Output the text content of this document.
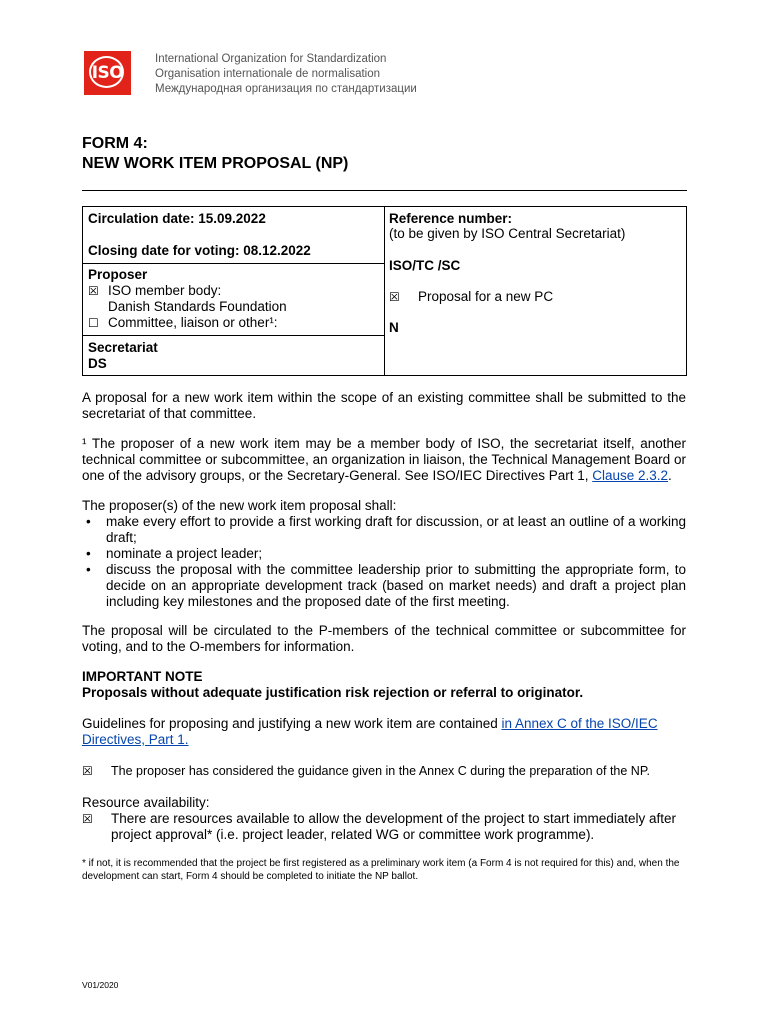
ISO
International Organization for Standardization
Organisation internationale de normalisation
Международная организация по стандартизации
FORM 4:
NEW WORK ITEM PROPOSAL (NP)
Circulation date: 15.09.2022
Closing date for voting: 08.12.2022
Proposer
☒ ISO member body:
Danish Standards Foundation
☐ Committee, liaison or other¹:
Secretariat
DS
Reference number:
(to be given by ISO Central Secretariat)
ISO/TC /SC
☒ Proposal for a new PC
N
A proposal for a new work item within the scope of an existing committee shall be submitted to the secretariat of that committee.
¹ The proposer of a new work item may be a member body of ISO, the secretariat itself, another technical committee or subcommittee, an organization in liaison, the Technical Management Board or one of the advisory groups, or the Secretary-General. See ISO/IEC Directives Part 1, Clause 2.3.2.
The proposer(s) of the new work item proposal shall:
• make every effort to provide a first working draft for discussion, or at least an outline of a working draft;
• nominate a project leader;
• discuss the proposal with the committee leadership prior to submitting the appropriate form, to decide on an appropriate development track (based on market needs) and draft a project plan including key milestones and the proposed date of the first meeting.
The proposal will be circulated to the P-members of the technical committee or subcommittee for voting, and to the O-members for information.
IMPORTANT NOTE
Proposals without adequate justification risk rejection or referral to originator.
Guidelines for proposing and justifying a new work item are contained in Annex C of the ISO/IEC Directives, Part 1.
☒	The proposer has considered the guidance given in the Annex C during the preparation of the NP.
Resource availability:
☒	There are resources available to allow the development of the project to start immediately after project approval* (i.e. project leader, related WG or committee work programme).
* if not, it is recommended that the project be first registered as a preliminary work item (a Form 4 is not required for this) and, when the development can start, Form 4 should be completed to initiate the NP ballot.
V01/2020
